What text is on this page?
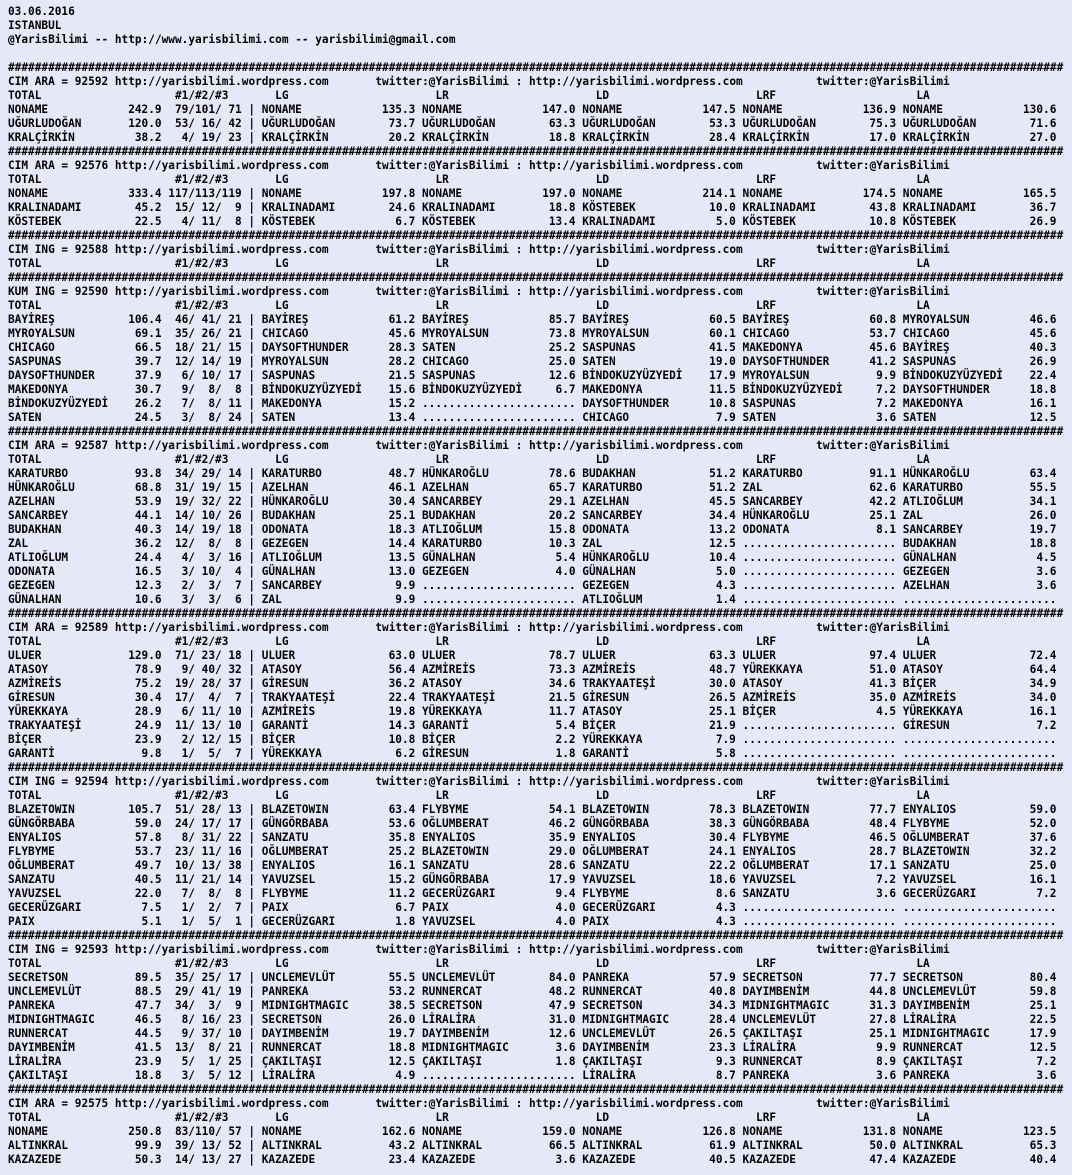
03.06.2016
ISTANBUL
@YarisBilimi -- http://www.yarisbilimi.com -- yarisbilimi@gmail.com
##############################################################################################################################################################
CIM ARA = 92592 http://yarisbilimi.wordpress.com	twitter:@YarisBilimi : http://yarisbilimi.wordpress.com	twitter:@YarisBilimi
TOTAL	#1/#2/#3	LG	LR	LD	LRF	LA
NONAME	242.9 79/101/ 71 | NONAME	135.3 NONAME	147.0 NONAME	147.5 NONAME	136.9 NONAME	130.6
UĞURLUDOĞAN	120.0 53/ 16/ 42 | UĞURLUDOĞAN	73.7 UĞURLUDOĞAN	63.3 UĞURLUDOĞAN	53.3 UĞURLUDOĞAN	75.3 UĞURLUDOĞAN	71.6
KRALÇİRKİN	38.2 4/ 19/ 23 | KRALÇİRKİN	20.2 KRALÇİRKİN	18.8 KRALÇİRKİN	28.4 KRALÇİRKİN	17.0 KRALÇİRKİN	27.0
##############################################################################################################################################################
CIM ARA = 92576 http://yarisbilimi.wordpress.com	twitter:@YarisBilimi : http://yarisbilimi.wordpress.com	twitter:@YarisBilimi
TOTAL	#1/#2/#3	LG	LR	LD	LRF	LA
NONAME	333.4 117/113/119 | NONAME	197.8 NONAME	197.0 NONAME	214.1 NONAME	174.5 NONAME	165.5
KRALINADAMI	45.2 15/ 12/ 9 | KRALINADAMI	24.6 KRALINADAMI	18.8 KÖSTEBEK	10.0 KRALINADAMI	43.8 KRALINADAMI	36.7
KÖSTEBEK	22.5 4/ 11/ 8 | KÖSTEBEK	6.7 KÖSTEBEK	13.4 KRALINADAMI	5.0 KÖSTEBEK	10.8 KÖSTEBEK	26.9
##############################################################################################################################################################
CIM ING = 92588 http://yarisbilimi.wordpress.com	twitter:@YarisBilimi : http://yarisbilimi.wordpress.com	twitter:@YarisBilimi
TOTAL	#1/#2/#3	LG	LR	LD	LRF	LA
##############################################################################################################################################################
KUM ING = 92590 http://yarisbilimi.wordpress.com	twitter:@YarisBilimi : http://yarisbilimi.wordpress.com	twitter:@YarisBilimi
TOTAL	#1/#2/#3	LG	LR	LD	LRF	LA
BAYİREŞ	106.4 46/ 41/ 21 | BAYİREŞ	61.2 BAYİREŞ	85.7 BAYİREŞ	60.5 BAYİREŞ	60.8 MYROYALSUN	46.6
MYROYALSUN	69.1 35/ 26/ 21 | CHICAGO	45.6 MYROYALSUN	73.8 MYROYALSUN	60.1 CHICAGO	53.7 CHICAGO	45.6
CHICAGO	66.5 18/ 21/ 15 | DAYSOFTHUNDER	28.3 SATEN	25.2 SASPUNAS	41.5 MAKEDONYA	45.6 BAYİREŞ	40.3
SASPUNAS	39.7 12/ 14/ 19 | MYROYALSUN	28.2 CHICAGO	25.0 SATEN	19.0 DAYSOFTHUNDER	41.2 SASPUNAS	26.9
DAYSOFTHUNDER	37.9 6/ 10/ 17 | SASPUNAS	21.5 SASPUNAS	12.6 BİNDOKUZYÜZYEDİ 17.9 MYROYALSUN	9.9 BİNDOKUZYÜZYEDİ 22.4
MAKEDONYA	30.7 9/ 8/ 8 | BİNDOKUZYÜZYEDİ 15.6 BİNDOKUZYÜZYEDİ	6.7 MAKEDONYA	11.5 BİNDOKUZYÜZYEDİ	7.2 DAYSOFTHUNDER	18.8
BİNDOKUZYÜZYEDİ 26.2 7/ 8/ 11 | MAKEDONYA	15.2 ....................... DAYSOFTHUNDER	10.8 SASPUNAS	7.2 MAKEDONYA	16.1
SATEN	24.5 3/ 8/ 24 | SATEN	13.4 ....................... CHICAGO	7.9 SATEN	3.6 SATEN	12.5
##############################################################################################################################################################
CIM ARA = 92587 http://yarisbilimi.wordpress.com	twitter:@YarisBilimi : http://yarisbilimi.wordpress.com	twitter:@YarisBilimi
TOTAL	#1/#2/#3	LG	LR	LD	LRF	LA
KARATURBO	93.8 34/ 29/ 14 | KARATURBO	48.7 HÜNKAROĞLU	78.6 BUDAKHAN	51.2 KARATURBO	91.1 HÜNKAROĞLU	63.4
HÜNKAROĞLU	68.8 31/ 19/ 15 | AZELHAN	46.1 AZELHAN	65.7 KARATURBO	51.2 ZAL	62.6 KARATURBO	55.5
AZELHAN	53.9 19/ 32/ 22 | HÜNKAROĞLU	30.4 SANCARBEY	29.1 AZELHAN	45.5 SANCARBEY	42.2 ATLIOĞLUM	34.1
SANCARBEY	44.1 14/ 10/ 26 | BUDAKHAN	25.1 BUDAKHAN	20.2 SANCARBEY	34.4 HÜNKAROĞLU	25.1 ZAL	26.0
BUDAKHAN	40.3 14/ 19/ 18 | ODONATA	18.3 ATLIOĞLUM	15.8 ODONATA	13.2 ODONATA	8.1 SANCARBEY	19.7
ZAL	36.2 12/ 8/ 8 | GEZEGEN	14.4 KARATURBO	10.3 ZAL	12.5 ....................... BUDAKHAN	18.8
ATLIOĞLUM	24.4 4/ 3/ 16 | ATLIOĞLUM	13.5 GÜNALHAN	5.4 HÜNKAROĞLU	10.4 ....................... GÜNALHAN	4.5
ODONATA	16.5 3/ 10/ 4 | GÜNALHAN	13.0 GEZEGEN	4.0 GÜNALHAN	5.0 ....................... GEZEGEN	3.6
GEZEGEN	12.3 2/ 3/ 7 | SANCARBEY	9.9 ....................... GEZEGEN	4.3 ....................... AZELHAN	3.6
GÜNALHAN	10.6 3/ 3/ 6 | ZAL	9.9 ....................... ATLIOĞLUM	1.4 ....................... .......................
##############################################################################################################################################################
CIM ARA = 92589 http://yarisbilimi.wordpress.com	twitter:@YarisBilimi : http://yarisbilimi.wordpress.com	twitter:@YarisBilimi
TOTAL	#1/#2/#3	LG	LR	LD	LRF	LA
ULUER	129.0 71/ 23/ 18 | ULUER	63.0 ULUER	78.7 ULUER	63.3 ULUER	97.4 ULUER	72.4
ATASOY	78.9 9/ 40/ 32 | ATASOY	56.4 AZMİREİS	73.3 AZMİREİS	48.7 YÜREKKAYA	51.0 ATASOY	64.4
AZMİREİS	75.2 19/ 28/ 37 | GİRESUN	36.2 ATASOY	34.6 TRAKYAATEŞİ	30.0 ATASOY	41.3 BİÇER	34.9
GİRESUN	30.4 17/ 4/ 7 | TRAKYAATEŞİ	22.4 TRAKYAATEŞİ	21.5 GİRESUN	26.5 AZMİREİS	35.0 AZMİREİS	34.0
YÜREKKAYA	28.9 6/ 11/ 10 | AZMİREİS	19.8 YÜREKKAYA	11.7 ATASOY	25.1 BİÇER	4.5 YÜREKKAYA	16.1
TRAKYAATEŞİ	24.9 11/ 13/ 10 | GARANTİ	14.3 GARANTİ	5.4 BİÇER	21.9 ....................... GİRESUN	7.2
BİÇER	23.9 2/ 12/ 15 | BİÇER	10.8 BİÇER	2.2 YÜREKKAYA	7.9 ....................... .......................
GARANTİ	9.8 1/ 5/ 7 | YÜREKKAYA	6.2 GİRESUN	1.8 GARANTİ	5.8 ....................... .......................
##############################################################################################################################################################
CIM ING = 92594 http://yarisbilimi.wordpress.com	twitter:@YarisBilimi : http://yarisbilimi.wordpress.com	twitter:@YarisBilimi
TOTAL	#1/#2/#3	LG	LR	LD	LRF	LA
BLAZETOWIN	105.7 51/ 28/ 13 | BLAZETOWIN	63.4 FLYBYME	54.1 BLAZETOWIN	78.3 BLAZETOWIN	77.7 ENYALIOS	59.0
GÜNGÖRBABA	59.0 24/ 17/ 17 | GÜNGÖRBABA	53.6 OĞLUMBERAT	46.2 GÜNGÖRBABA	38.3 GÜNGÖRBABA	48.4 FLYBYME	52.0
ENYALIOS	57.8 8/ 31/ 22 | SANZATU	35.8 ENYALIOS	35.9 ENYALIOS	30.4 FLYBYME	46.5 OĞLUMBERAT	37.6
FLYBYME	53.7 23/ 11/ 16 | OĞLUMBERAT	25.2 BLAZETOWIN	29.0 OĞLUMBERAT	24.1 ENYALIOS	28.7 BLAZETOWIN	32.2
OĞLUMBERAT	49.7 10/ 13/ 38 | ENYALIOS	16.1 SANZATU	28.6 SANZATU	22.2 OĞLUMBERAT	17.1 SANZATU	25.0
SANZATU	40.5 11/ 21/ 14 | YAVUZSEL	15.2 GÜNGÖRBABA	17.9 YAVUZSEL	18.6 YAVUZSEL	7.2 YAVUZSEL	16.1
YAVUZSEL	22.0 7/ 8/ 8 | FLYBYME	11.2 GECERÜZGARI	9.4 FLYBYME	8.6 SANZATU	3.6 GECERÜZGARI	7.2
GECERÜZGARI	7.5 1/ 2/ 7 | PAIX	6.7 PAIX	4.0 GECERÜZGARI	4.3 ....................... .......................
PAIX	5.1 1/ 5/ 1 | GECERÜZGARI	1.8 YAVUZSEL	4.0 PAIX	4.3 ....................... .......................
##############################################################################################################################################################
CIM ING = 92593 http://yarisbilimi.wordpress.com	twitter:@YarisBilimi : http://yarisbilimi.wordpress.com	twitter:@YarisBilimi
TOTAL	#1/#2/#3	LG	LR	LD	LRF	LA
SECRETSON	89.5 35/ 25/ 17 | UNCLEMEVLÜT	55.5 UNCLEMEVLÜT	84.0 PANREKA	57.9 SECRETSON	77.7 SECRETSON	80.4
UNCLEMEVLÜT	88.5 29/ 41/ 19 | PANREKA	53.2 RUNNERCAT	48.2 RUNNERCAT	40.8 DAYIMBENİM	44.8 UNCLEMEVLÜT	59.8
PANREKA	47.7 34/ 3/ 9 | MIDNIGHTMAGIC	38.5 SECRETSON	47.9 SECRETSON	34.3 MIDNIGHTMAGIC	31.3 DAYIMBENİM	25.1
MIDNIGHTMAGIC	46.5 8/ 16/ 23 | SECRETSON	26.0 LİRALİRA	31.0 MIDNIGHTMAGIC	28.4 UNCLEMEVLÜT	27.8 LİRALİRA	22.5
RUNNERCAT	44.5 9/ 37/ 10 | DAYIMBENİM	19.7 DAYIMBENİM	12.6 UNCLEMEVLÜT	26.5 ÇAKILTAŞI	25.1 MIDNIGHTMAGIC	17.9
DAYIMBENİM	41.5 13/ 8/ 21 | RUNNERCAT	18.8 MIDNIGHTMAGIC	3.6 DAYIMBENİM	23.3 LİRALİRA	9.9 RUNNERCAT	12.5
LİRALİRA	23.9 5/ 1/ 25 | ÇAKILTAŞI	12.5 ÇAKILTAŞI	1.8 ÇAKILTAŞI	9.3 RUNNERCAT	8.9 ÇAKILTAŞI	7.2
ÇAKILTAŞI	18.8 3/ 5/ 12 | LİRALİRA	4.9 ....................... LİRALİRA	8.7 PANREKA	3.6 PANREKA	3.6
##############################################################################################################################################################
CIM ARA = 92575 http://yarisbilimi.wordpress.com	twitter:@YarisBilimi : http://yarisbilimi.wordpress.com	twitter:@YarisBilimi
TOTAL	#1/#2/#3	LG	LR	LD	LRF	LA
NONAME	250.8 83/110/ 57 | NONAME	162.6 NONAME	159.0 NONAME	126.8 NONAME	131.8 NONAME	123.5
ALTINKRAL	99.9 39/ 13/ 52 | ALTINKRAL	43.2 ALTINKRAL	66.5 ALTINKRAL	61.9 ALTINKRAL	50.0 ALTINKRAL	65.3
KAZAZEDE	50.3 14/ 13/ 27 | KAZAZEDE	23.4 KAZAZEDE	3.6 KAZAZEDE	40.5 KAZAZEDE	47.4 KAZAZEDE	40.4
